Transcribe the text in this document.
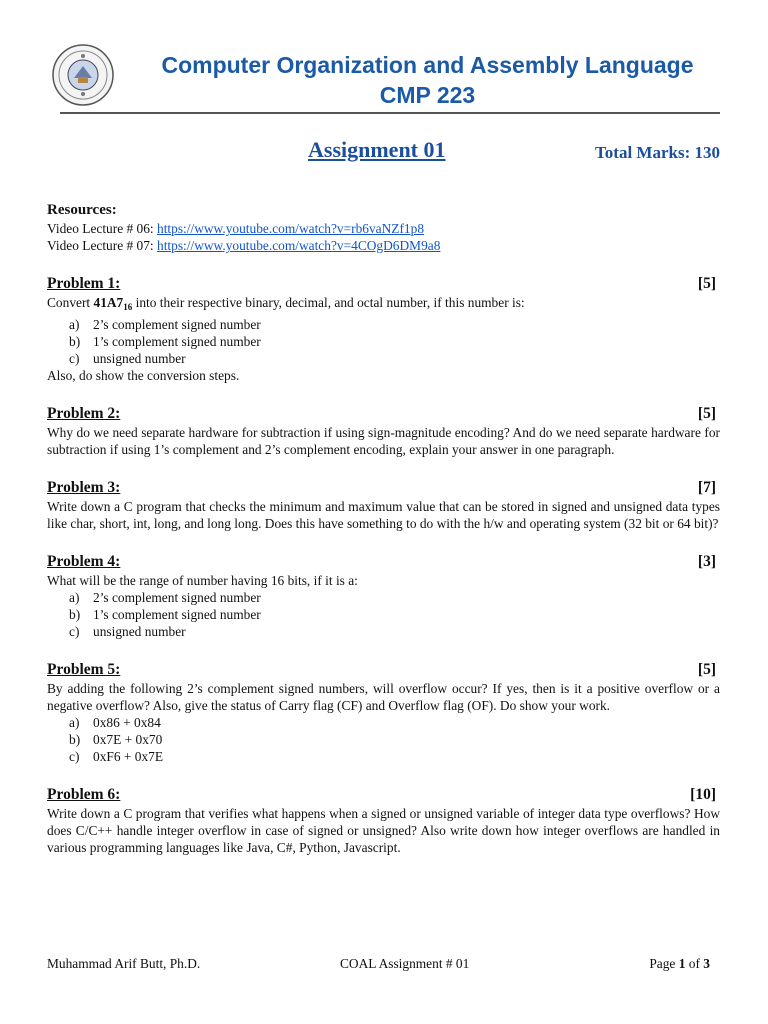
Computer Organization and Assembly Language
CMP 223
Assignment 01	Total Marks: 130

Resources:

Video Lecture # 06: https://www.youtube.com/watch?v=rb6vaNZf1p8

Video Lecture # 07: https://www.youtube.com/watch?v=4COgD6DM9a8

Problem 1:	[5]

Convert $41A7_{16}$ into their respective binary, decimal, and octal number, if this number is:

a)	2’s complement signed number
b) 1’s complement signed number
c)	unsigned number

Also, do show the conversion steps.

Problem 2:	[5]

Why do we need separate hardware for subtraction if using sign-magnitude encoding? And do we need separate hardware for subtraction if using 1’s complement and 2’s complement encoding, explain your answer in one paragraph.

Problem 3:	[7]

Write down a C program that checks the minimum and maximum value that can be stored in signed and unsigned data types like char, short, int, long, and long long. Does this have something to do with the h/w and operating system (32 bit or 64 bit)?

Problem 4:	[3]

What will be the range of number having 16 bits, if it is a:

a)	2’s complement signed number
b) 1’s complement signed number
c)	unsigned number
Problem 5:	[5]

By adding the following 2’s complement signed numbers, will overflow occur? If yes, then is it a positive overflow or a negative overflow? Also, give the status of Carry flag (CF) and Overflow flag (OF). Do show your work.

a)	0x86 + 0x84
b) 0x7E + 0x70
c)	0xF6 + 0x7E
Problem 6:	[10]

Write down a C program that verifies what happens when a signed or unsigned variable of integer data type overflows? How does C/C++ handle integer overflow in case of signed or unsigned? Also write down how integer overflows are handled in various programming languages like Java, C#, Python, Javascript.

Muhammad Arif Butt, Ph.D.	COAL Assignment # 01	Page 1 of 3
